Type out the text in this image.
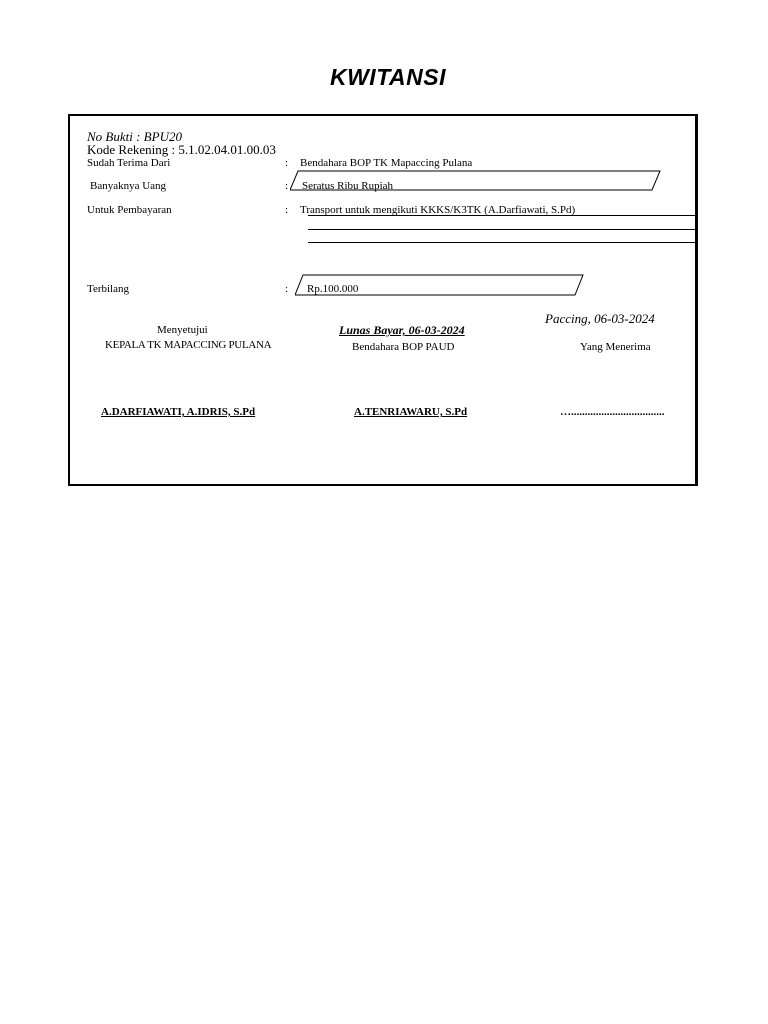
KWITANSI
No Bukti : BPU20
Kode Rekening : 5.1.02.04.01.00.03
Sudah Terima Dari	: Bendahara BOP TK Mapaccing Pulana
Banyaknya Uang	: Seratus Ribu Rupiah
Untuk Pembayaran	: Transport untuk mengikuti KKKS/K3TK (A.Darfiawati, S.Pd)
Terbilang	: Rp.100.000
Paccing, 06-03-2024
Menyetujui
KEPALA TK MAPACCING PULANA
A.DARFIAWATI, A.IDRIS, S.Pd
Lunas Bayar, 06-03-2024
Bendahara BOP PAUD
A.TENRIAWARU, S.Pd
Yang Menerima
…..................................
